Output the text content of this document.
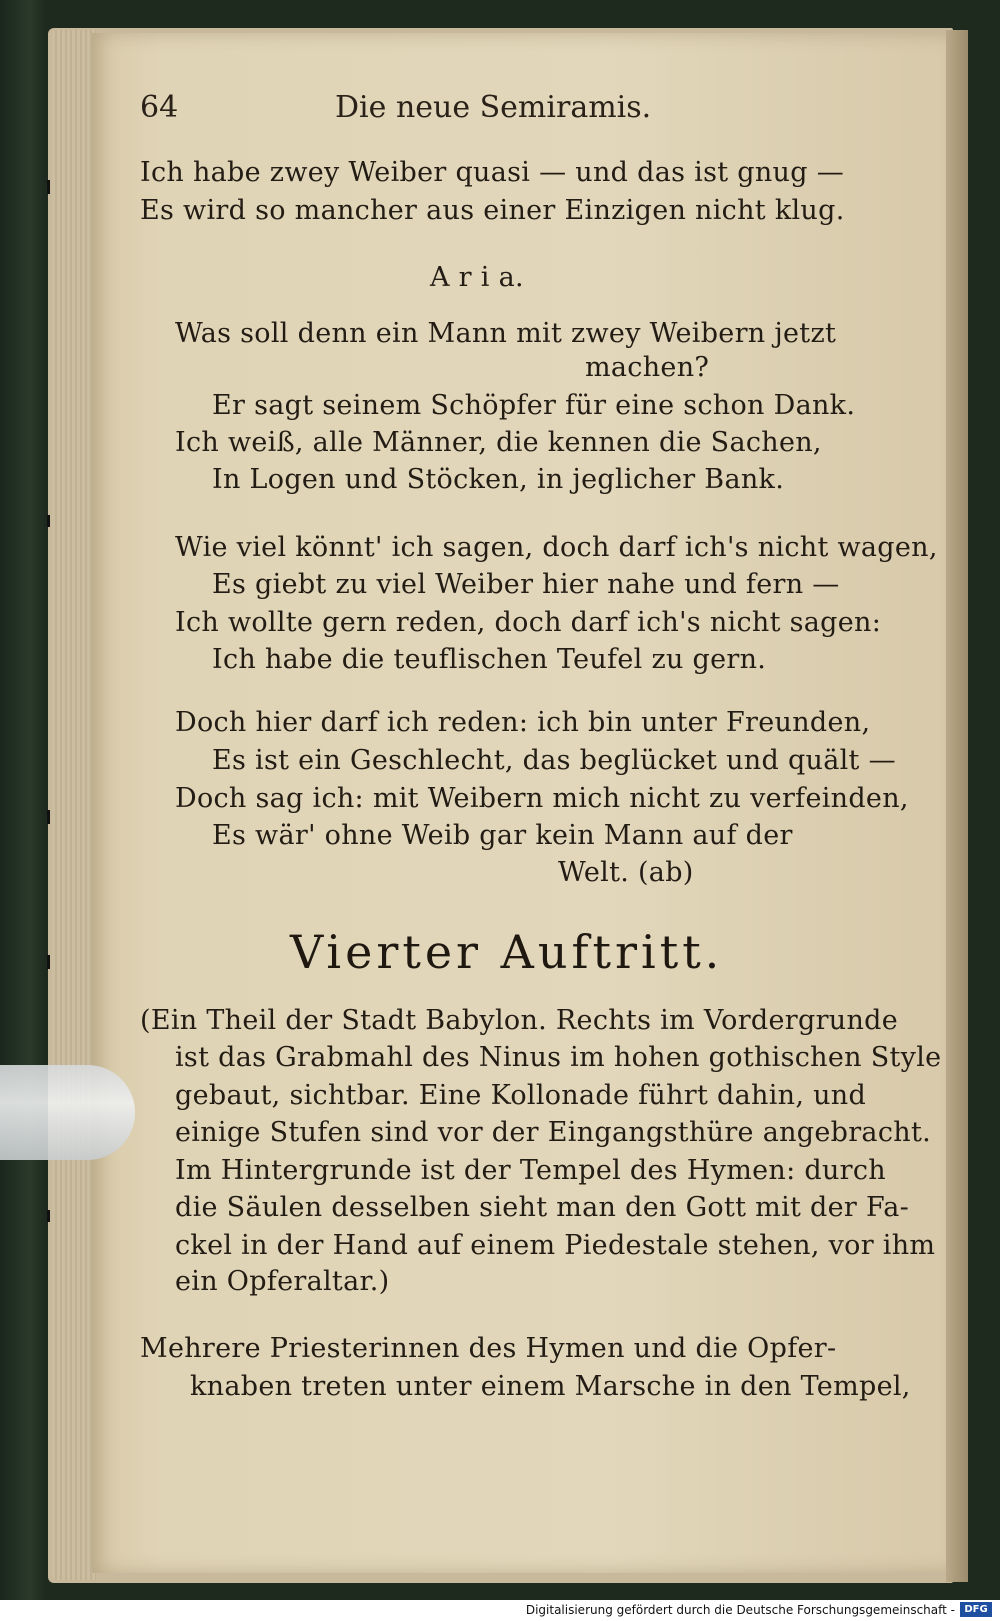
64	Die neue Semiramis.
Ich habe zwey Weiber quasi — und das ist gnug —
Es wird so mancher aus einer Einzigen nicht klug.
A r i a.
Was soll denn ein Mann mit zwey Weibern jetzt
machen?
Er sagt seinem Schöpfer für eine schon Dank.
Ich weiß, alle Männer, die kennen die Sachen,
In Logen und Stöcken, in jeglicher Bank.
Wie viel könnt' ich sagen, doch darf ich's nicht wagen,
Es giebt zu viel Weiber hier nahe und fern —
Ich wollte gern reden, doch darf ich's nicht sagen:
Ich habe die teuflischen Teufel zu gern.
Doch hier darf ich reden: ich bin unter Freunden,
Es ist ein Geschlecht, das beglücket und quält —
Doch sag ich: mit Weibern mich nicht zu verfeinden,
Es wär' ohne Weib gar kein Mann auf der
Welt. (ab)
Vierter Auftritt.
(Ein Theil der Stadt Babylon. Rechts im Vordergrunde
ist das Grabmahl des Ninus im hohen gothischen Style
gebaut, sichtbar. Eine Kollonade führt dahin, und
einige Stufen sind vor der Eingangsthüre angebracht.
Im Hintergrunde ist der Tempel des Hymen: durch
die Säulen desselben sieht man den Gott mit der Fa-
ckel in der Hand auf einem Piedestale stehen, vor ihm
ein Opferaltar.)
Mehrere Priesterinnen des Hymen und die Opfer-
knaben treten unter einem Marsche in den Tempel,
Digitalisierung gefördert durch die Deutsche Forschungsgemeinschaft - DFG
